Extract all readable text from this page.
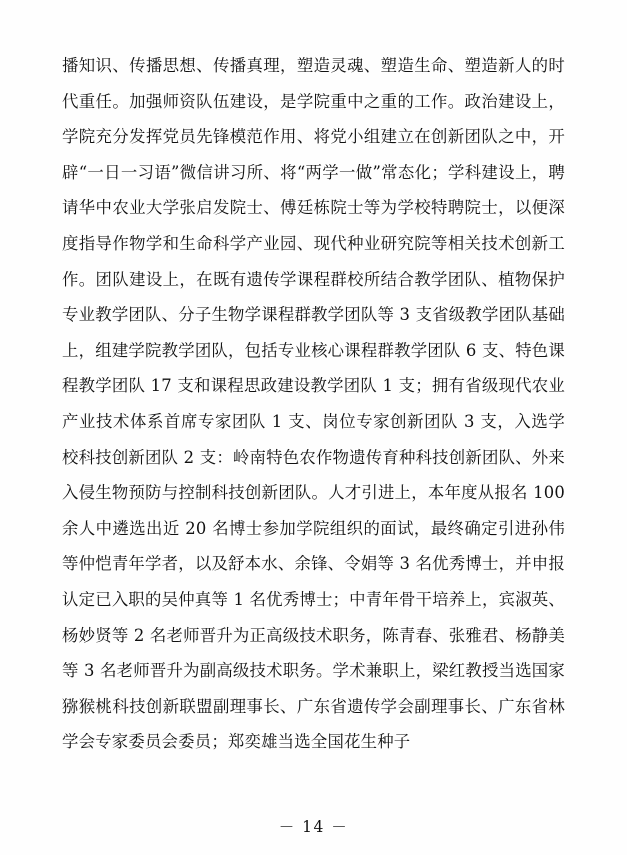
播知识、传播思想、传播真理，塑造灵魂、塑造生命、塑造新人的时代重任。加强师资队伍建设，是学院重中之重的工作。政治建设上，学院充分发挥党员先锋模范作用、将党小组建立在创新团队之中，开辟“一日一习语”微信讲习所、将“两学一做”常态化；学科建设上，聘请华中农业大学张启发院士、傅廷栋院士等为学校特聘院士，以便深度指导作物学和生命科学产业园、现代种业研究院等相关技术创新工作。团队建设上，在既有遗传学课程群校所结合教学团队、植物保护专业教学团队、分子生物学课程群教学团队等 3 支省级教学团队基础上，组建学院教学团队，包括专业核心课程群教学团队 6 支、特色课程教学团队 17 支和课程思政建设教学团队 1 支；拥有省级现代农业产业技术体系首席专家团队 1 支、岗位专家创新团队 3 支，入选学校科技创新团队 2 支：岭南特色农作物遗传育种科技创新团队、外来入侵生物预防与控制科技创新团队。人才引进上，本年度从报名 100 余人中遴选出近 20 名博士参加学院组织的面试，最终确定引进孙伟等仲恺青年学者，以及舒本水、余锋、令娟等 3 名优秀博士，并申报认定已入职的吴仲真等 1 名优秀博士；中青年骨干培养上，宾淑英、杨妙贤等 2 名老师晋升为正高级技术职务，陈青春、张雅君、杨静美等 3 名老师晋升为副高级技术职务。学术兼职上，梁红教授当选国家猕猴桃科技创新联盟副理事长、广东省遗传学会副理事长、广东省林学会专家委员会委员；郑奕雄当选全国花生种子
－ 14 －
